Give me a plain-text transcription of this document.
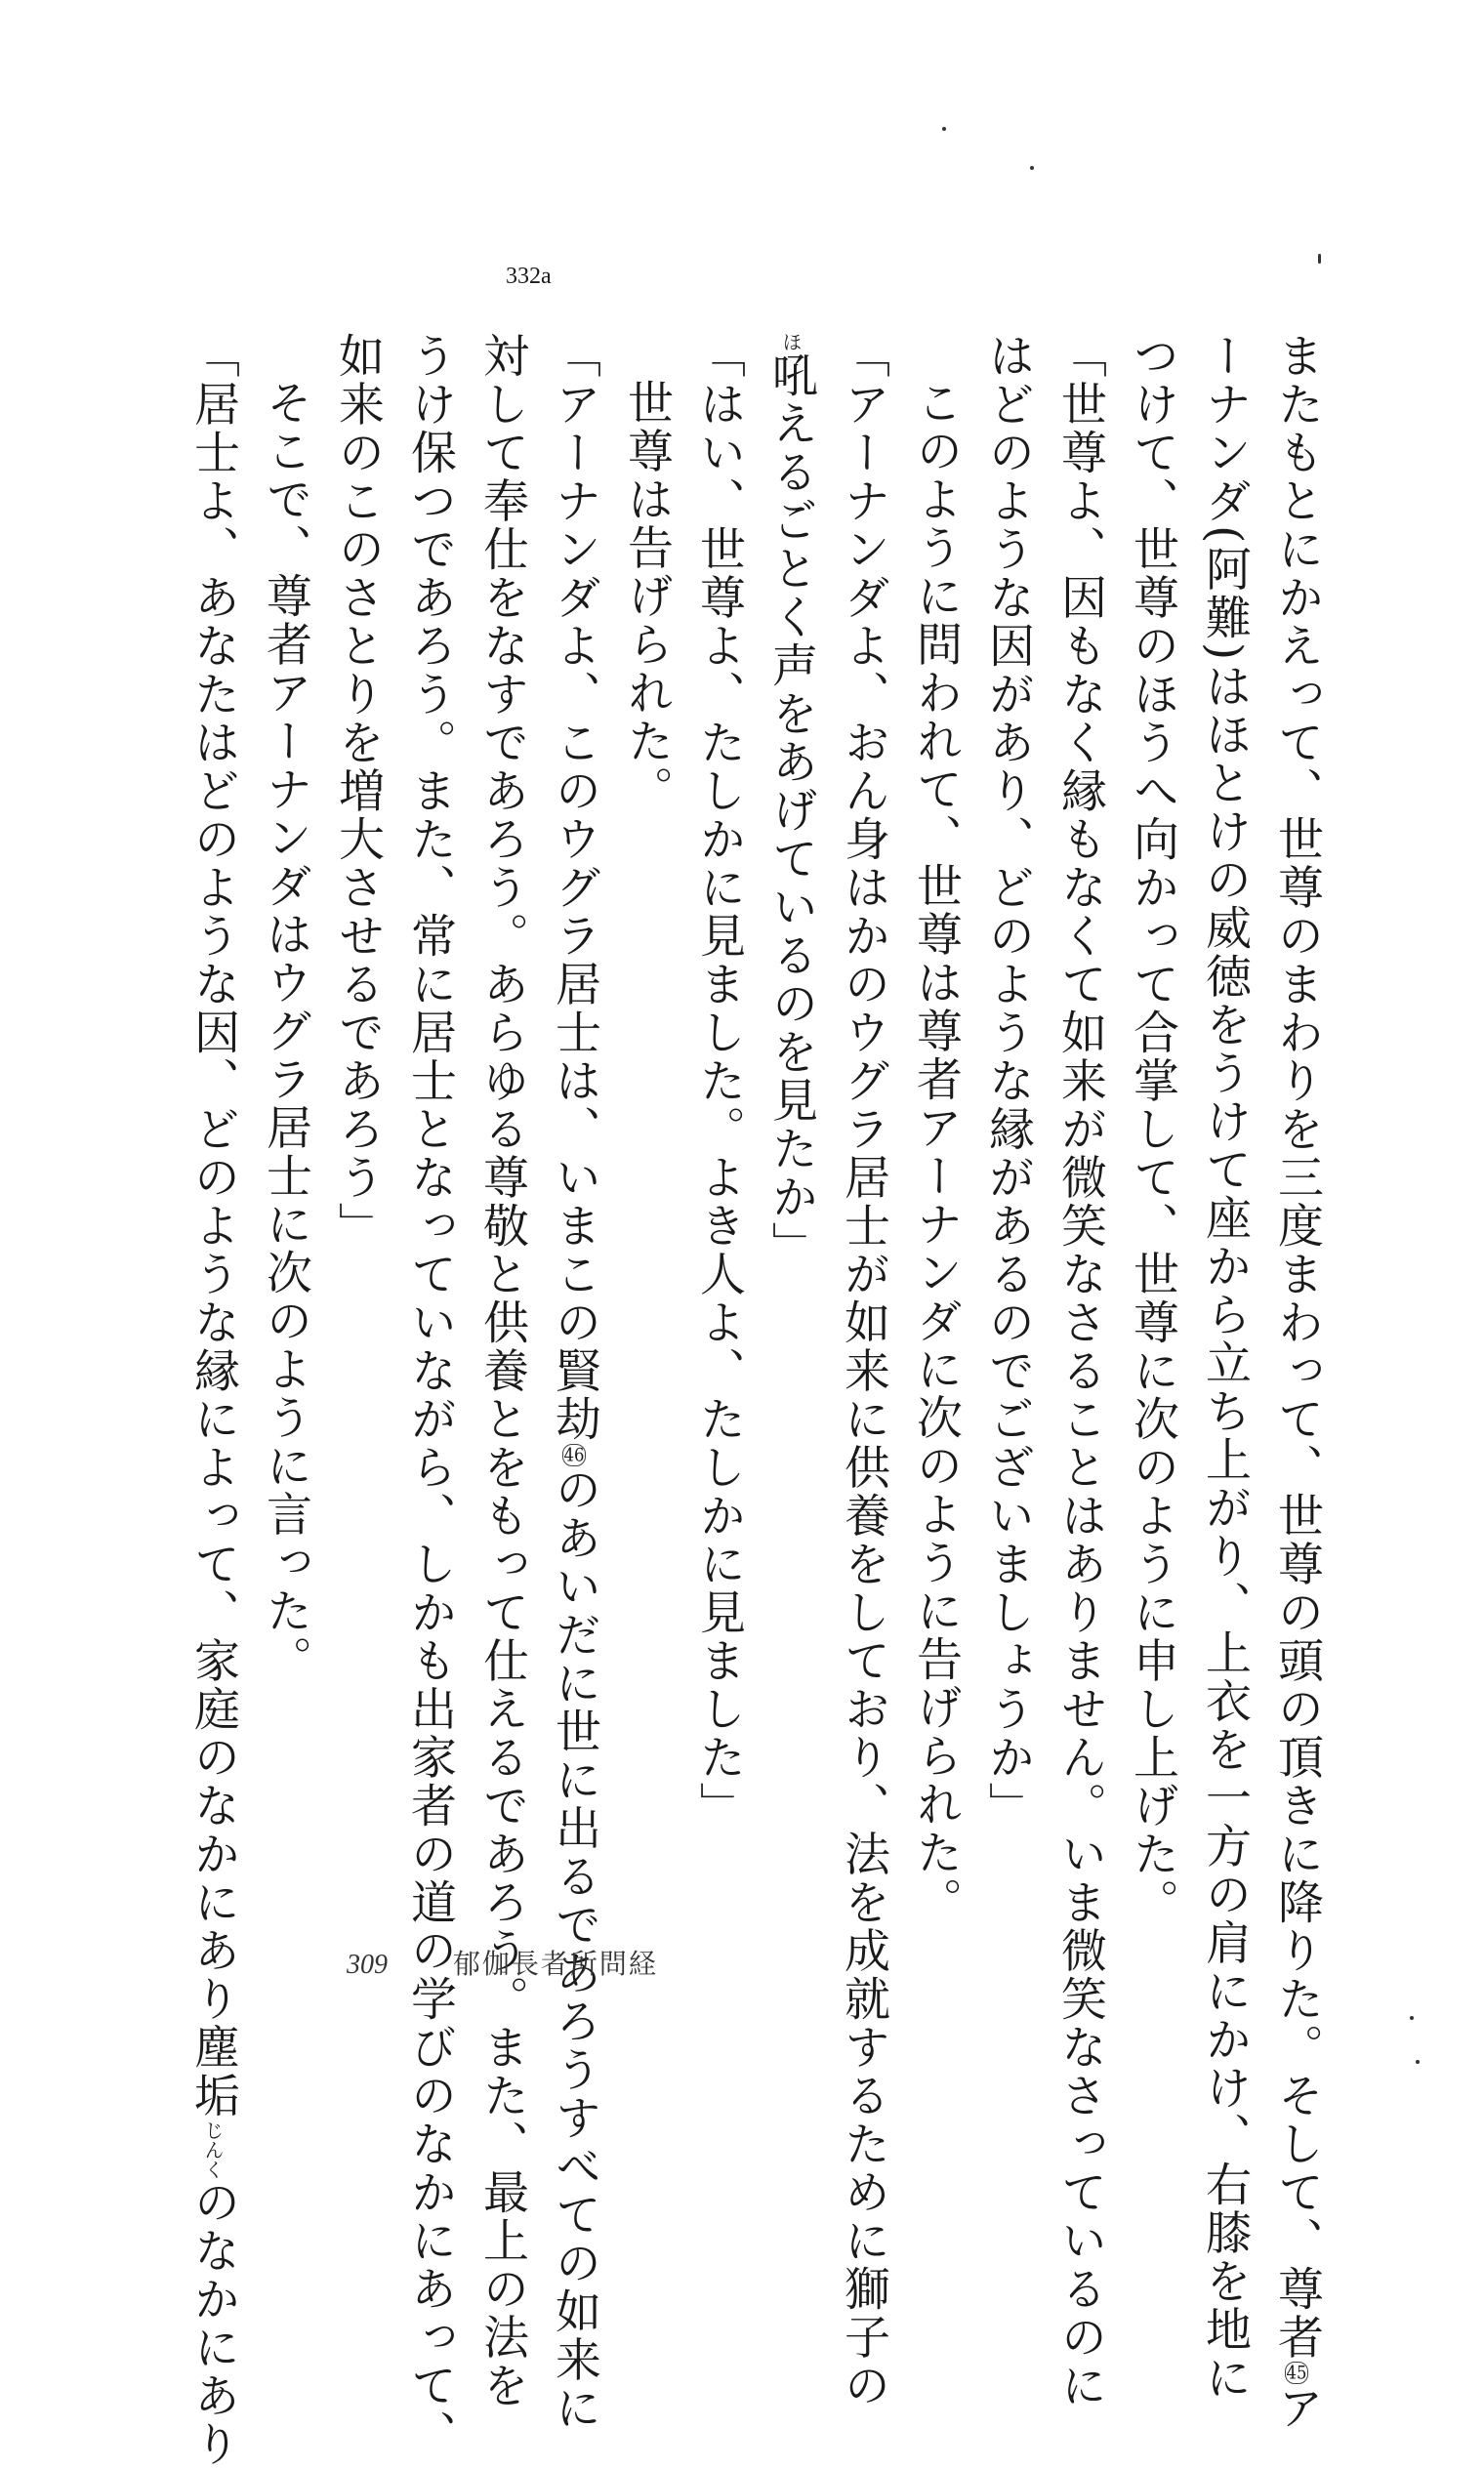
332a
またもとにかえって、世尊のまわりを三度まわって、世尊の頭の頂きに降りた。そして、尊者45ア
ーナンダ(阿難)はほとけの威徳をうけて座から立ち上がり、上衣を一方の肩にかけ、右膝を地に
つけて、世尊のほうへ向かって合掌して、世尊に次のように申し上げた。
「世尊よ、因もなく縁もなくて如来が微笑なさることはありません。いま微笑なさっているのに
はどのような因があり、どのような縁があるのでございましょうか」
このように問われて、世尊は尊者アーナンダに次のように告げられた。
「アーナンダよ、おん身はかのウグラ居士が如来に供養をしており、法を成就するために獅子の
ほ吼えるごとく声をあげているのを見たか」
「はい、世尊よ、たしかに見ました。よき人よ、たしかに見ました」
世尊は告げられた。
「アーナンダよ、このウグラ居士は、いまこの賢劫46のあいだに世に出るであろうすべての如来に
対して奉仕をなすであろう。あらゆる尊敬と供養とをもって仕えるであろう。また、最上の法を
うけ保つであろう。また、常に居士となっていながら、しかも出家者の道の学びのなかにあって、
如来のこのさとりを増大させるであろう」
そこで、尊者アーナンダはウグラ居士に次のように言った。
「居士よ、あなたはどのような因、どのような縁によって、家庭のなかにあり塵垢じんくのなかにあり
309 郁伽長者所問経
